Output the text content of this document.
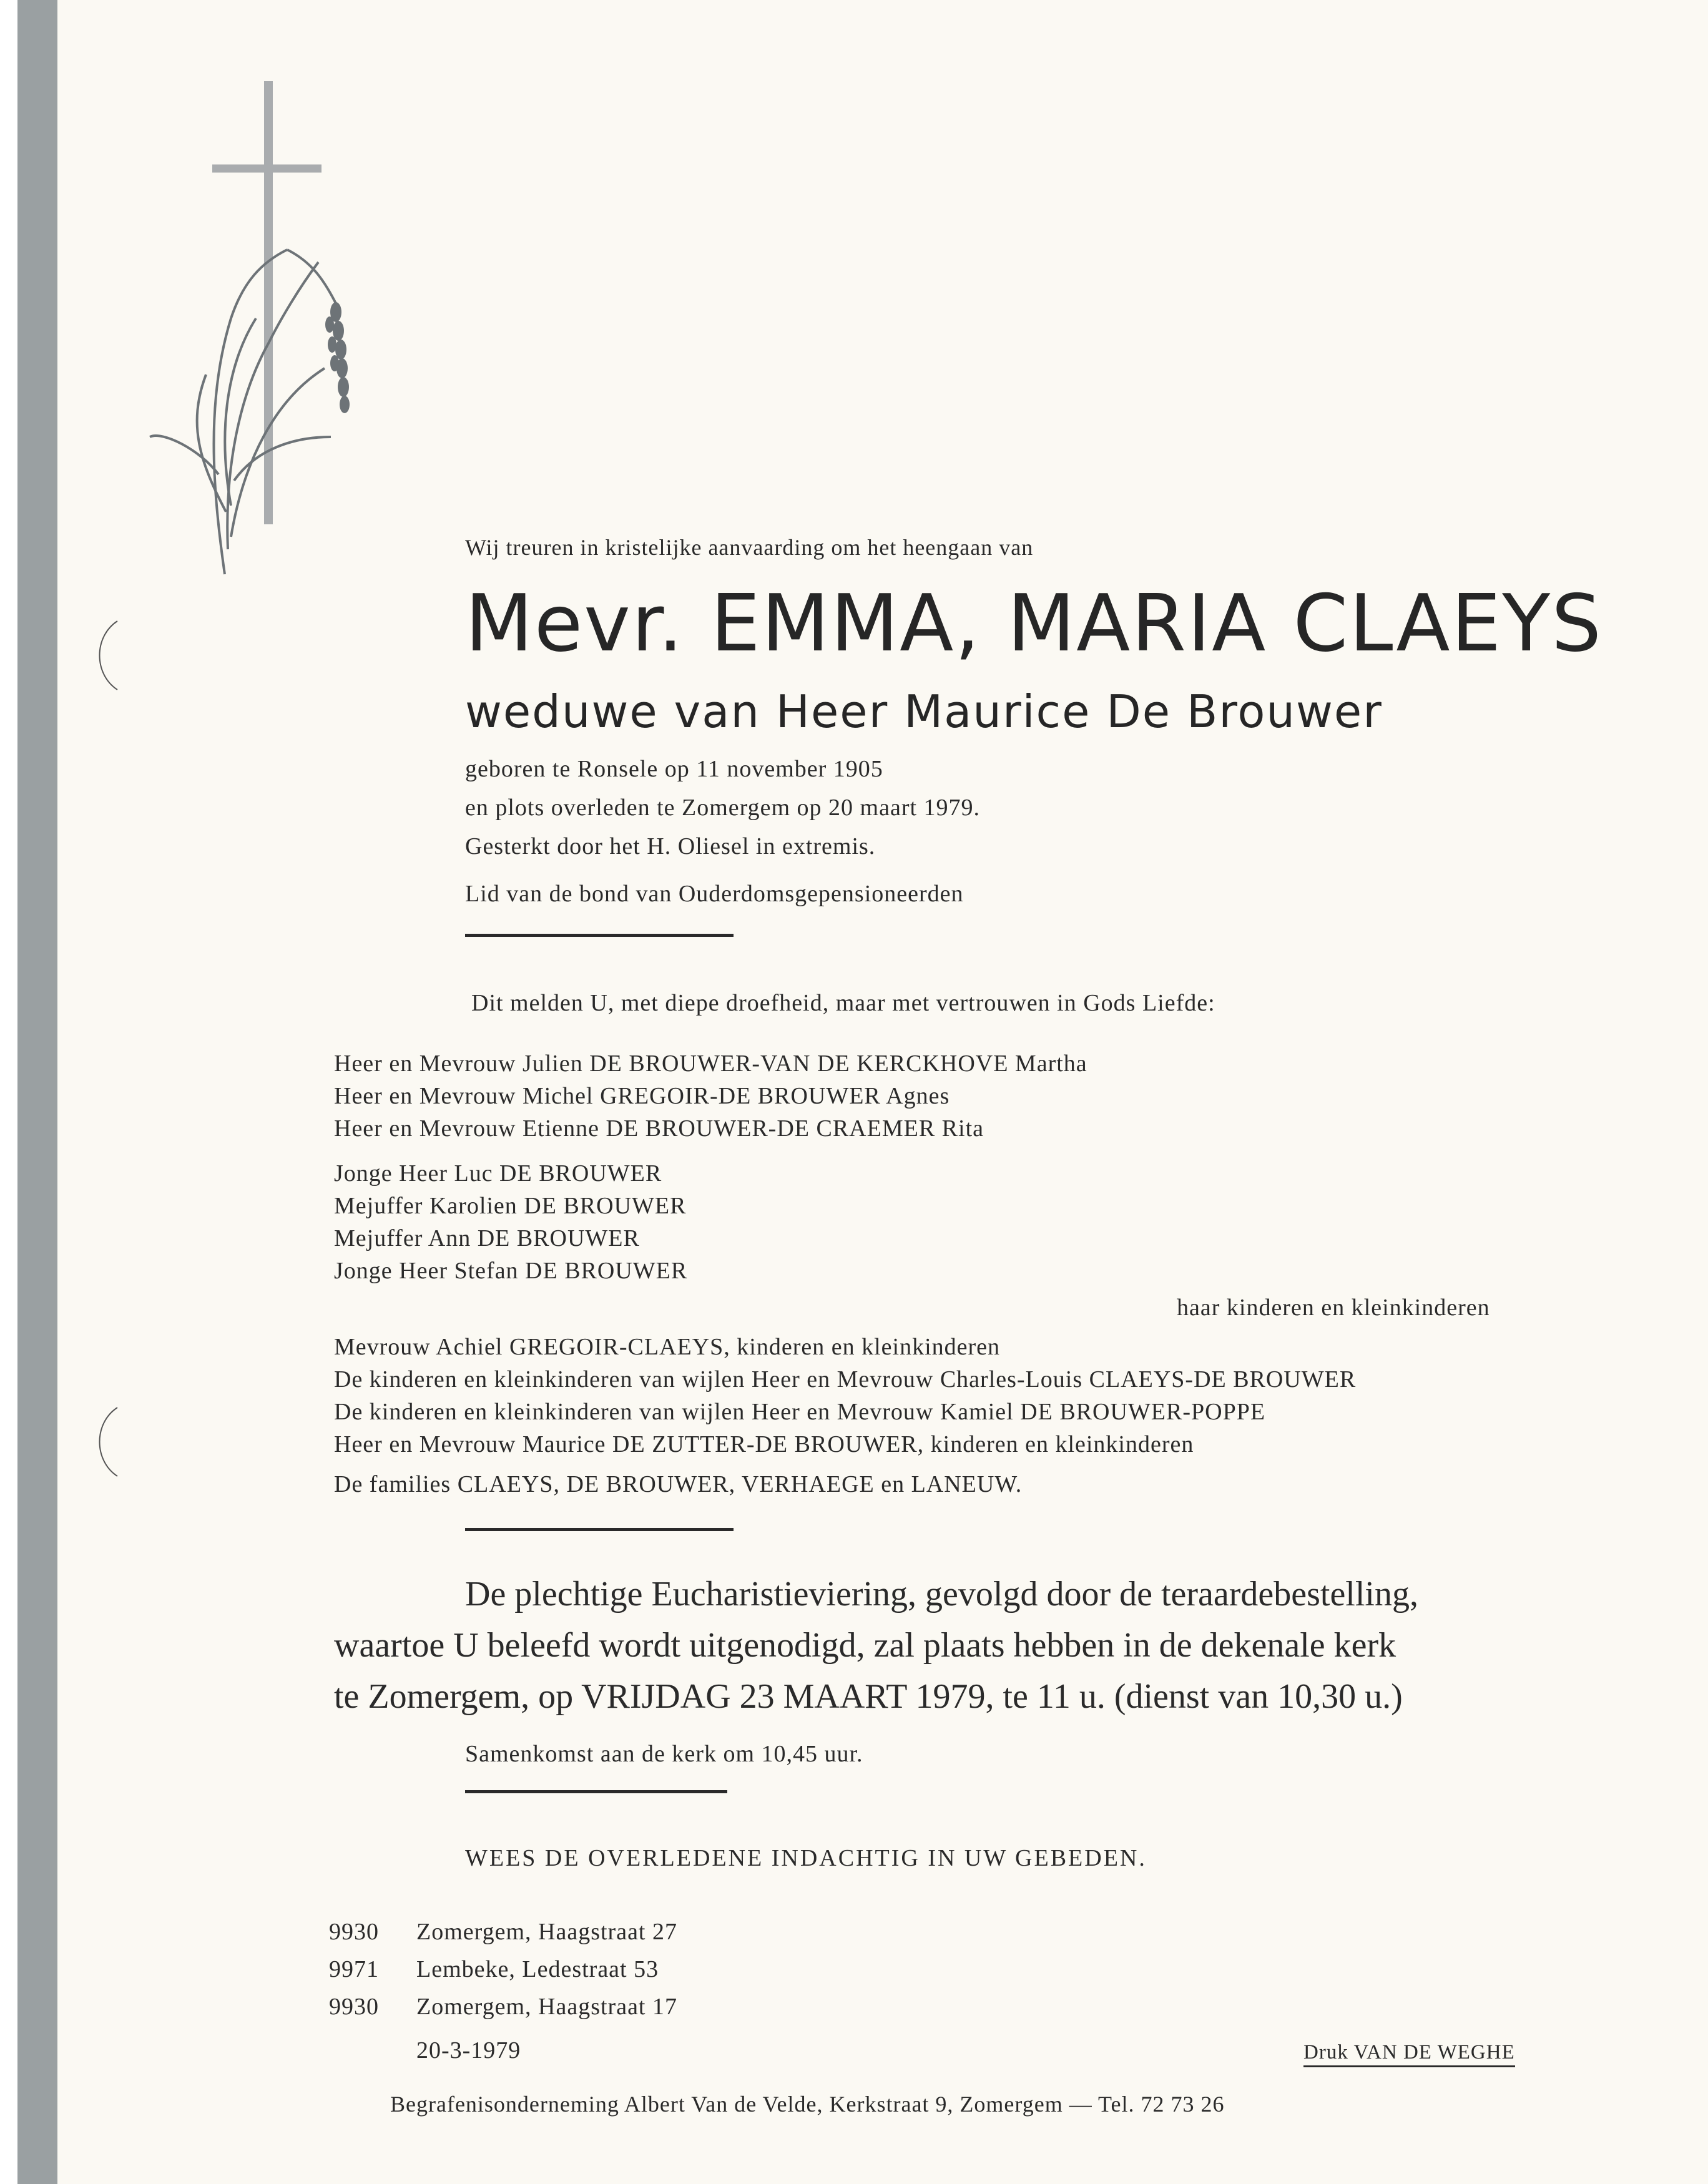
Wij treuren in kristelijke aanvaarding om het heengaan van
Mevr. EMMA, MARIA CLAEYS
weduwe van Heer Maurice De Brouwer
geboren te Ronsele op 11 november 1905
en plots overleden te Zomergem op 20 maart 1979.
Gesterkt door het H. Oliesel in extremis.
Lid van de bond van Ouderdomsgepensioneerden
Dit melden U, met diepe droefheid, maar met vertrouwen in Gods Liefde:
Heer en Mevrouw Julien DE BROUWER-VAN DE KERCKHOVE Martha
Heer en Mevrouw Michel GREGOIR-DE BROUWER Agnes
Heer en Mevrouw Etienne DE BROUWER-DE CRAEMER Rita
Jonge Heer Luc DE BROUWER
Mejuffer Karolien DE BROUWER
Mejuffer Ann DE BROUWER
Jonge Heer Stefan DE BROUWER
haar kinderen en kleinkinderen
Mevrouw Achiel GREGOIR-CLAEYS, kinderen en kleinkinderen
De kinderen en kleinkinderen van wijlen Heer en Mevrouw Charles-Louis CLAEYS-DE BROUWER
De kinderen en kleinkinderen van wijlen Heer en Mevrouw Kamiel DE BROUWER-POPPE
Heer en Mevrouw Maurice DE ZUTTER-DE BROUWER, kinderen en kleinkinderen
De families CLAEYS, DE BROUWER, VERHAEGE en LANEUW.
De plechtige Eucharistieviering, gevolgd door de teraardebestelling,
waartoe U beleefd wordt uitgenodigd, zal plaats hebben in de dekenale kerk
te Zomergem, op VRIJDAG 23 MAART 1979, te 11 u. (dienst van 10,30 u.)
Samenkomst aan de kerk om 10,45 uur.
WEES DE OVERLEDENE INDACHTIG IN UW GEBEDEN.
9930 Zomergem, Haagstraat 27
9971 Lembeke, Ledestraat 53
9930 Zomergem, Haagstraat 17
20-3-1979	Druk VAN DE WEGHE
Begrafenisonderneming Albert Van de Velde, Kerkstraat 9, Zomergem — Tel. 72 73 26
